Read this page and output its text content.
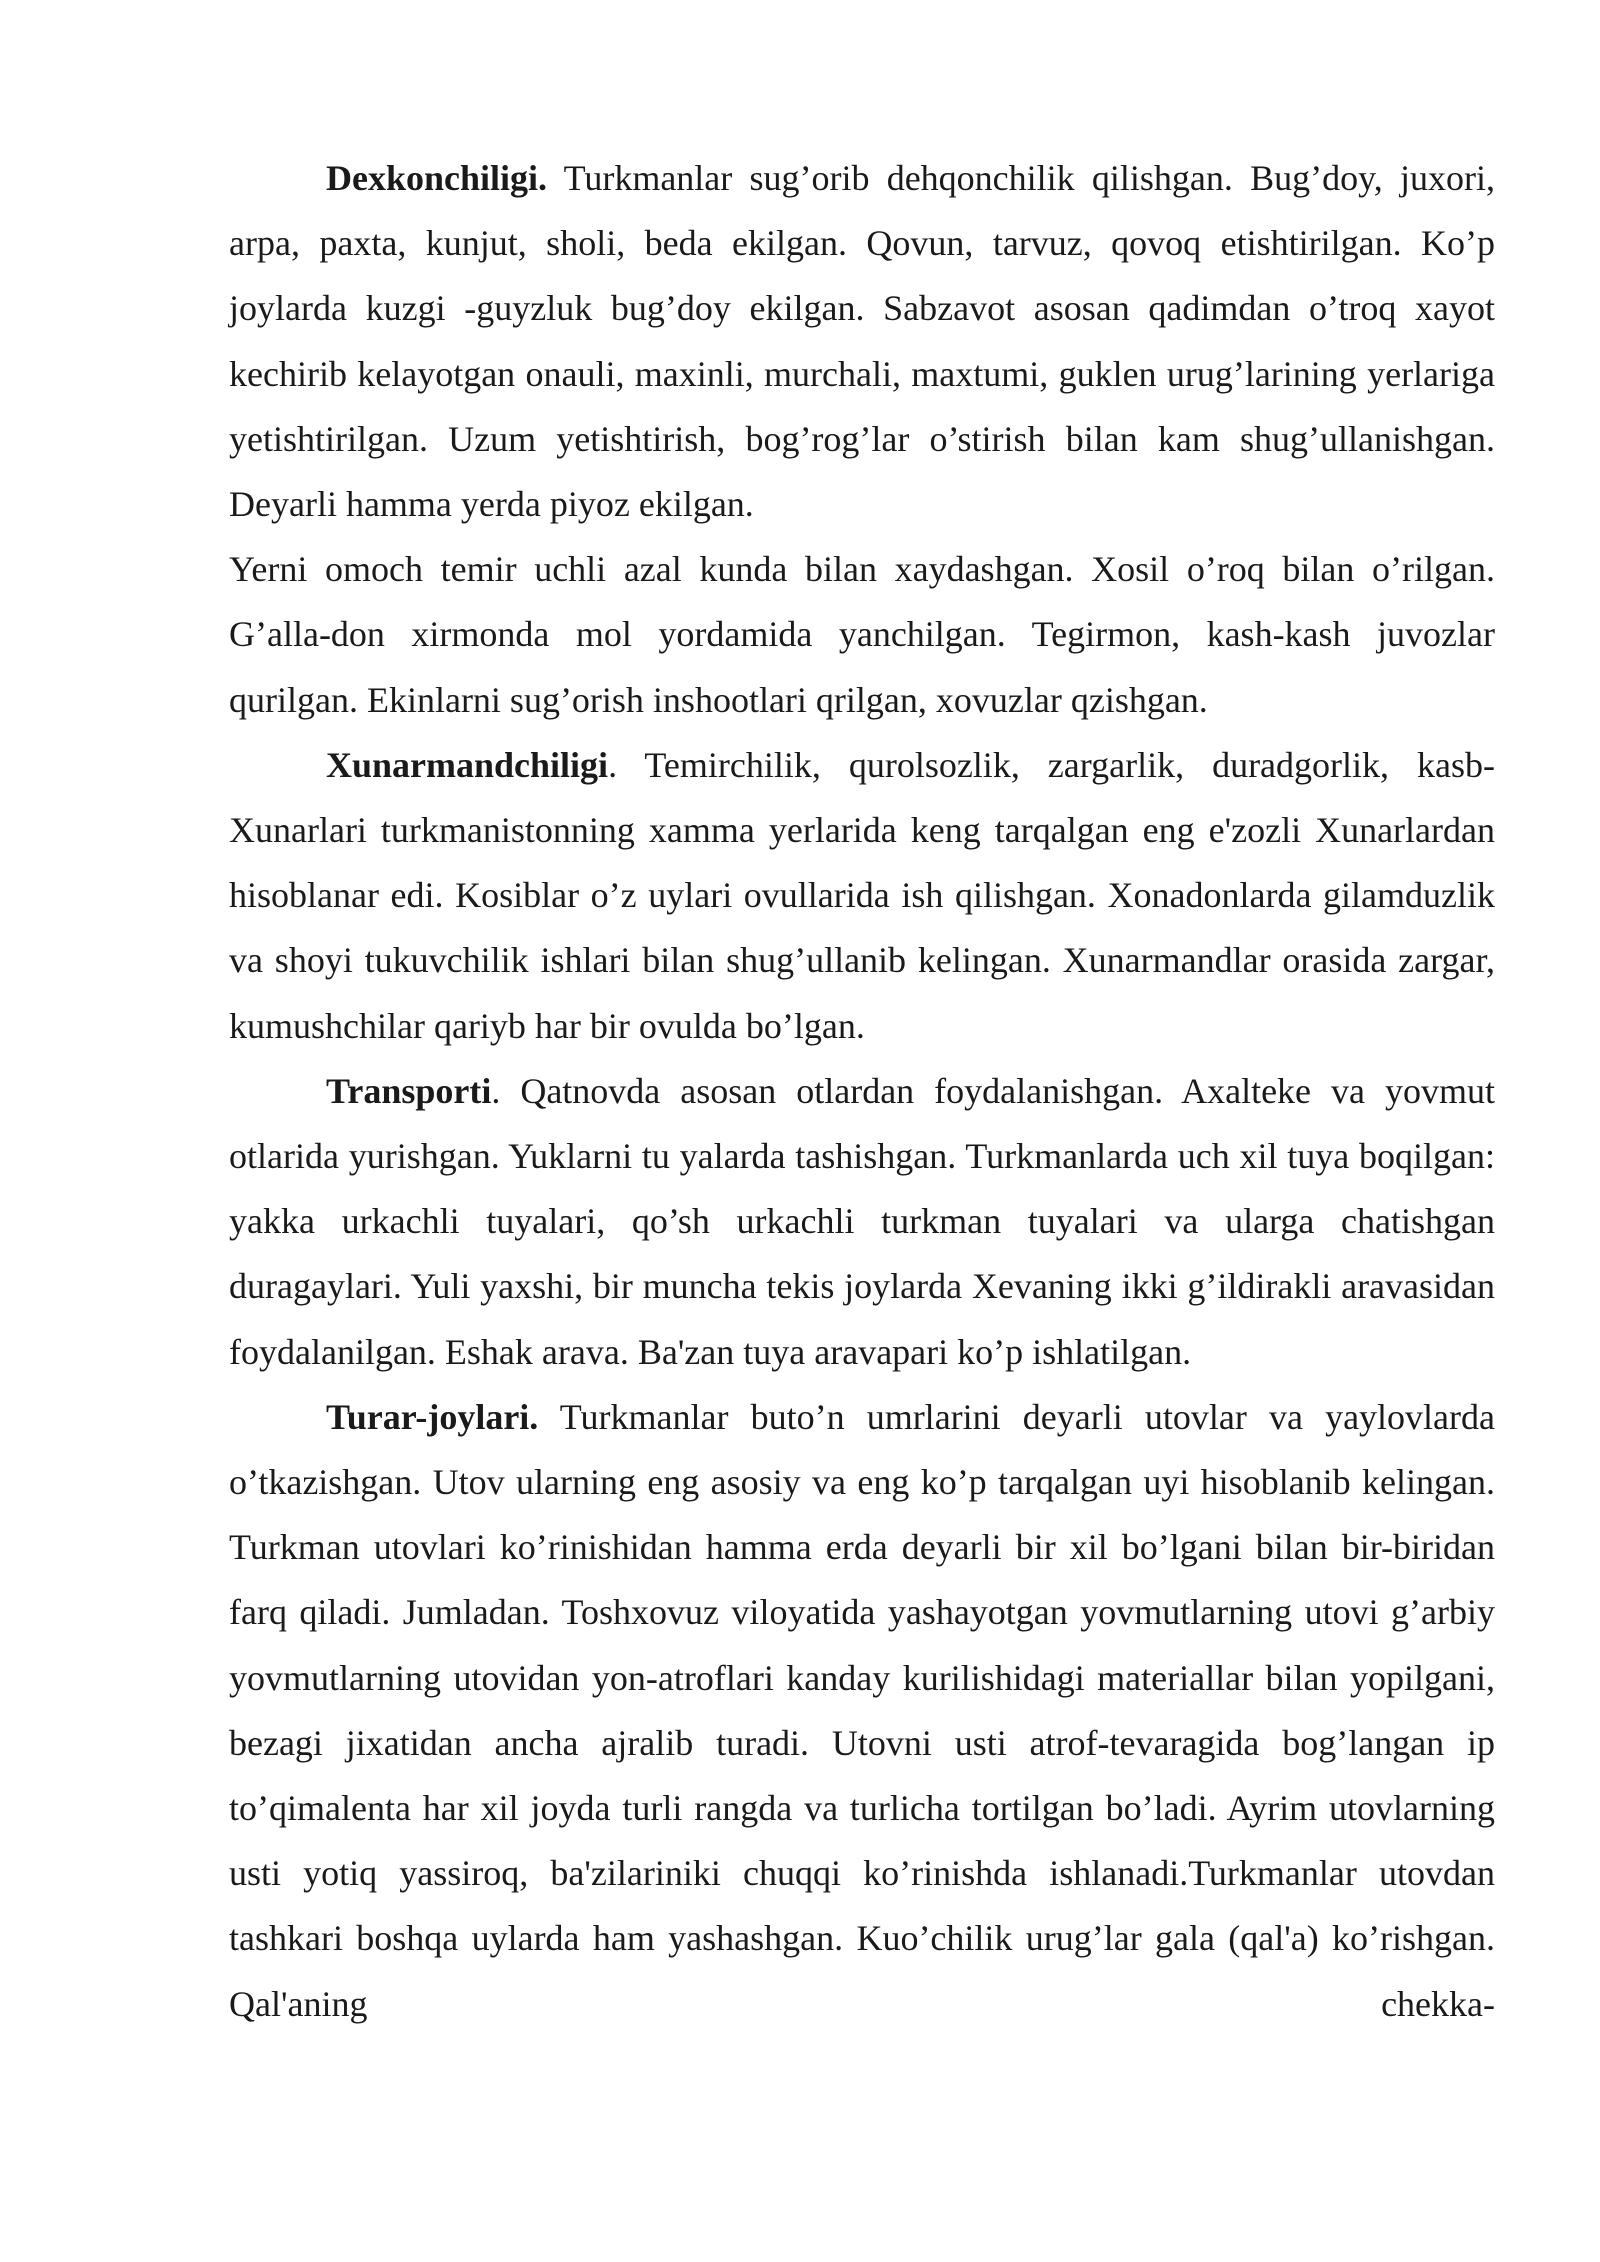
Dexkonchiligi. Turkmanlar sug’orib dehqonchilik qilishgan. Bug’doy, juxori, arpa, paxta, kunjut, sholi, beda ekilgan. Qovun, tarvuz, qovoq etishtirilgan. Ko’p joylarda kuzgi -guyzluk bug’doy ekilgan. Sabzavot asosan qadimdan o’troq xayot kechirib kelayotgan onauli, maxinli, murchali, maxtumi, guklen urug’larining yerlariga yetishtirilgan. Uzum yetishtirish, bog’rog’lar o’stirish bilan kam shug’ullanishgan. Deyarli hamma yerda piyoz ekilgan.

Yerni omoch temir uchli azal kunda bilan xaydashgan. Xosil o’roq bilan o’rilgan. G’alla-don xirmonda mol yordamida yanchilgan. Tegirmon, kash-kash juvozlar qurilgan. Ekinlarni sug’orish inshootlari qrilgan, xovuzlar qzishgan.

Xunarmandchiligi. Temirchilik, qurolsozlik, zargarlik, duradgorlik, kasb-Xunarlari turkmanistonning xamma yerlarida keng tarqalgan eng e'zozli Xunarlardan hisoblanar edi. Kosiblar o’z uylari ovullarida ish qilishgan. Xonadonlarda gilamduzlik va shoyi tukuvchilik ishlari bilan shug’ullanib kelingan. Xunarmandlar orasida zargar, kumushchilar qariyb har bir ovulda bo’lgan.

Transporti. Qatnovda asosan otlardan foydalanishgan. Axalteke va yovmut otlarida yurishgan. Yuklarni tu yalarda tashishgan. Turkmanlarda uch xil tuya boqilgan: yakka urkachli tuyalari, qo’sh urkachli turkman tuyalari va ularga chatishgan duragaylari. Yuli yaxshi, bir muncha tekis joylarda Xevaning ikki g’ildirakli aravasidan foydalanilgan. Eshak arava. Ba'zan tuya aravapari ko’p ishlatilgan.

Turar-joylari. Turkmanlar buto’n umrlarini deyarli utovlar va yaylovlarda o’tkazishgan. Utov ularning eng asosiy va eng ko’p tarqalgan uyi hisoblanib kelingan. Turkman utovlari ko’rinishidan hamma erda deyarli bir xil bo’lgani bilan bir-biridan farq qiladi. Jumladan. Toshxovuz viloyatida yashayotgan yovmutlarning utovi g’arbiy yovmutlarning utovidan yon-atroflari kanday kurilishidagi materiallar bilan yopilgani, bezagi jixatidan ancha ajralib turadi. Utovni usti atrof-tevaragida bog’langan ip to’qimalenta har xil joyda turli rangda va turlicha tortilgan bo’ladi. Ayrim utovlarning usti yotiq yassiroq, ba'zilariniki chuqqi ko’rinishda ishlanadi.Turkmanlar utovdan tashkari boshqa uylarda ham yashashgan. Kuo’chilik urug’lar gala (qal'a) ko’rishgan. Qal'aning chekka-
